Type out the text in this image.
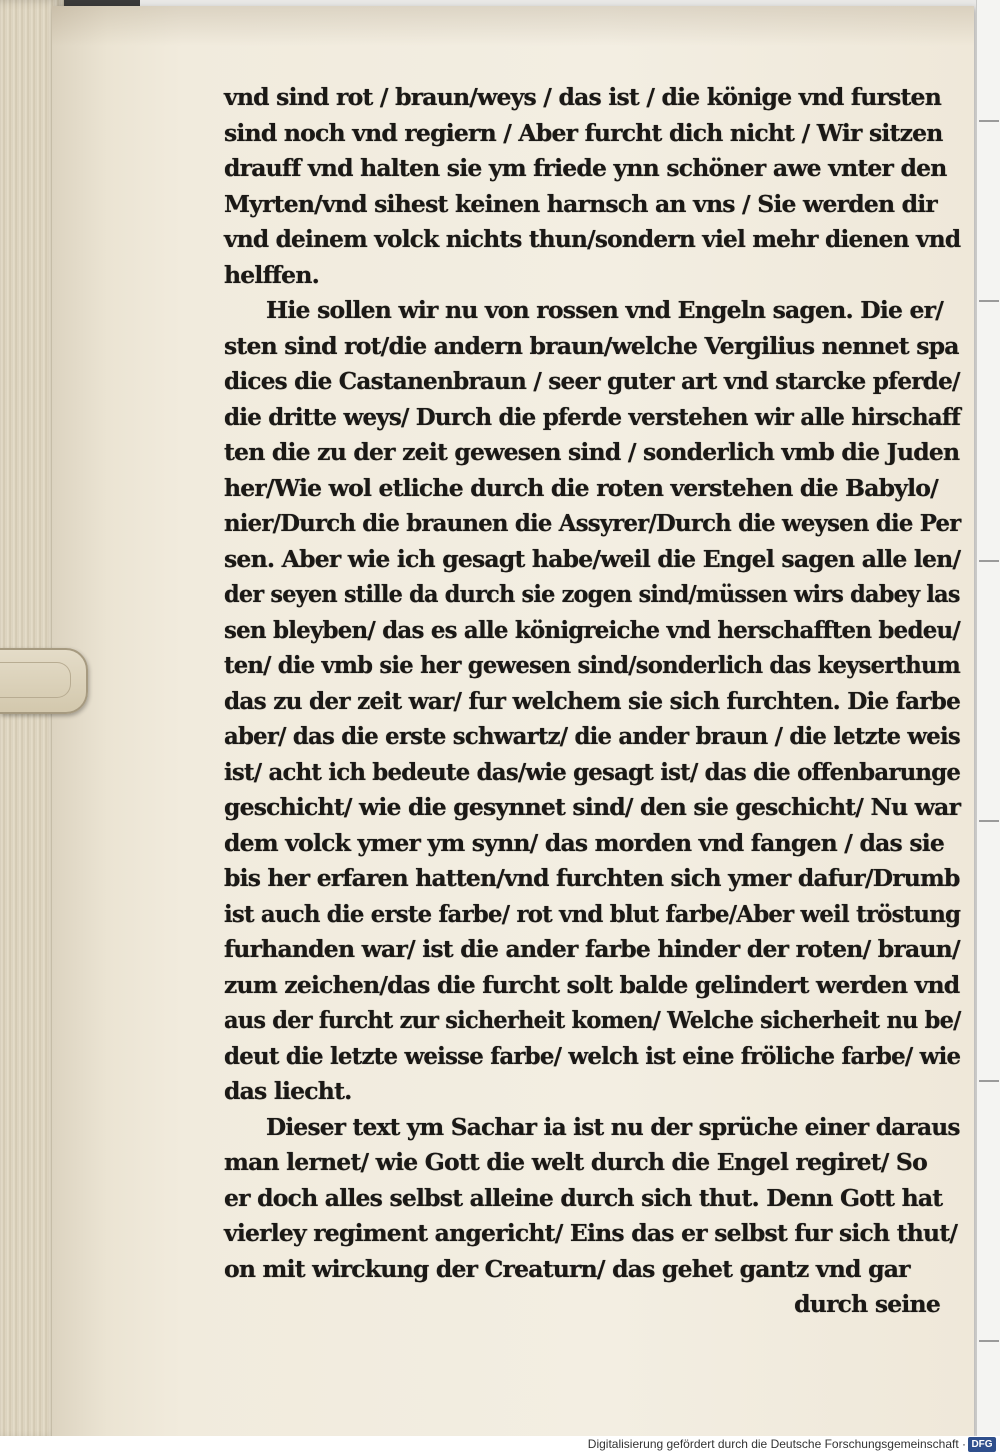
vnd sind rot / braun/weys / das ist / die könige vnd fursten
sind noch vnd regiern / Aber furcht dich nicht / Wir sitzen
drauff vnd halten sie ym friede ynn schöner awe vnter den
Myrten/vnd sihest keinen harnsch an vns / Sie werden dir
vnd deinem volck nichts thun/sondern viel mehr dienen vnd
helffen.
Hie sollen wir nu von rossen vnd Engeln sagen. Die er/
sten sind rot/die andern braun/welche Vergilius nennet spa
dices die Castanenbraun / seer guter art vnd starcke pferde/
die dritte weys/ Durch die pferde verstehen wir alle hirschaff
ten die zu der zeit gewesen sind / sonderlich vmb die Juden
her/Wie wol etliche durch die roten verstehen die Babylo/
nier/Durch die braunen die Assyrer/Durch die weysen die Per
sen. Aber wie ich gesagt habe/weil die Engel sagen alle len/
der seyen stille da durch sie zogen sind/müssen wirs dabey las
sen bleyben/ das es alle königreiche vnd herschafften bedeu/
ten/ die vmb sie her gewesen sind/sonderlich das keyserthum
das zu der zeit war/ fur welchem sie sich furchten. Die farbe
aber/ das die erste schwartz/ die ander braun / die letzte weis
ist/ acht ich bedeute das/wie gesagt ist/ das die offenbarunge
geschicht/ wie die gesynnet sind/ den sie geschicht/ Nu war
dem volck ymer ym synn/ das morden vnd fangen / das sie
bis her erfaren hatten/vnd furchten sich ymer dafur/Drumb
ist auch die erste farbe/ rot vnd blut farbe/Aber weil tröstung
furhanden war/ ist die ander farbe hinder der roten/ braun/
zum zeichen/das die furcht solt balde gelindert werden vnd
aus der furcht zur sicherheit komen/ Welche sicherheit nu be/
deut die letzte weisse farbe/ welch ist eine fröliche farbe/ wie
das liecht.
Dieser text ym Sachar ia ist nu der sprüche einer daraus
man lernet/ wie Gott die welt durch die Engel regiret/ So
er doch alles selbst alleine durch sich thut. Denn Gott hat
vierley regiment angericht/ Eins das er selbst fur sich thut/
on mit wirckung der Creaturn/ das gehet gantz vnd gar
durch seine
Digitalisierung gefördert durch die Deutsche Forschungsgemeinschaft · DFG
